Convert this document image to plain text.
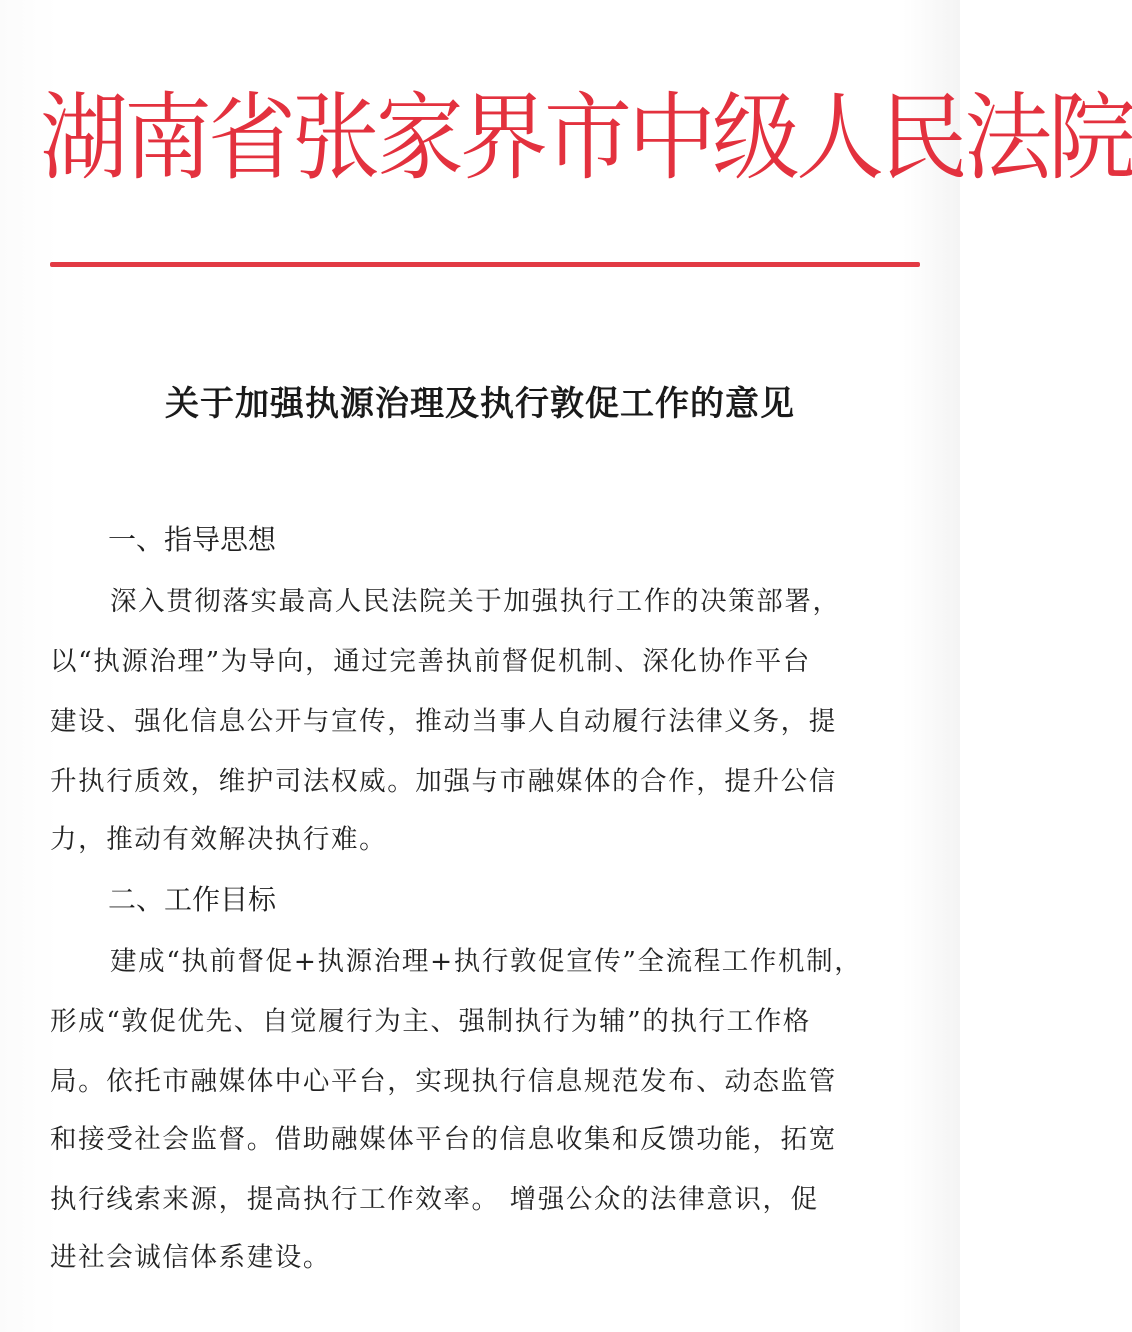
湖南省张家界市中级人民法院
关于加强执源治理及执行敦促工作的意见
一、指导思想
深入贯彻落实最高人民法院关于加强执行工作的决策部署，
以“执源治理”为导向，通过完善执前督促机制、深化协作平台
建设、强化信息公开与宣传，推动当事人自动履行法律义务，提
升执行质效，维护司法权威。加强与市融媒体的合作，提升公信
力，推动有效解决执行难。
二、工作目标
建成“执前督促+执源治理+执行敦促宣传”全流程工作机制，
形成“敦促优先、自觉履行为主、强制执行为辅”的执行工作格
局。依托市融媒体中心平台，实现执行信息规范发布、动态监管
和接受社会监督。借助融媒体平台的信息收集和反馈功能，拓宽
执行线索来源，提高执行工作效率。 增强公众的法律意识，促
进社会诚信体系建设。
